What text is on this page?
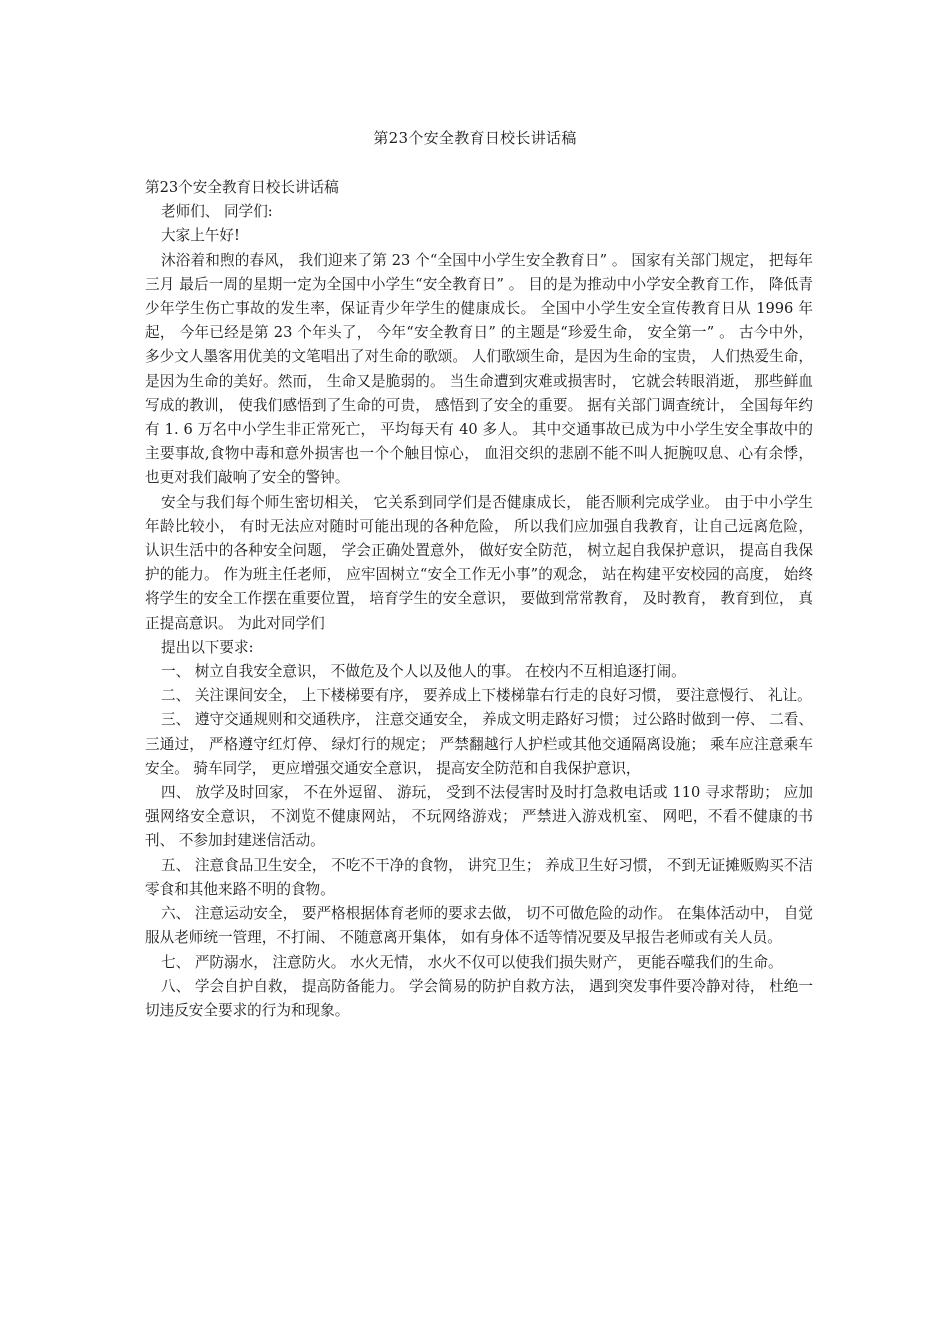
第23个安全教育日校长讲话稿

第23个安全教育日校长讲话稿

老师们、 同学们:

大家上午好!

沐浴着和煦的春风， 我们迎来了第 23 个“全国中小学生安全教育日” 。 国家有关部门规定， 把每年三月 最后一周的星期一定为全国中小学生“安全教育日” 。 目的是为推动中小学安全教育工作， 降低青少年学生伤亡事故的发生率，保证青少年学生的健康成长。 全国中小学生安全宣传教育日从 1996 年起， 今年已经是第 23 个年头了， 今年“安全教育日” 的主题是“珍爱生命， 安全第一” 。 古今中外， 多少文人墨客用优美的文笔唱出了对生命的歌颂。 人们歌颂生命，是因为生命的宝贵， 人们热爱生命， 是因为生命的美好。然而， 生命又是脆弱的。 当生命遭到灾难或损害时， 它就会转眼消逝， 那些鲜血写成的教训， 使我们感悟到了生命的可贵， 感悟到了安全的重要。 据有关部门调查统计， 全国每年约有 1. 6 万名中小学生非正常死亡， 平均每天有 40 多人。 其中交通事故已成为中小学生安全事故中的主要事故,食物中毒和意外损害也一个个触目惊心， 血泪交织的悲剧不能不叫人扼腕叹息、心有余悸， 也更对我们敲响了安全的警钟。

安全与我们每个师生密切相关， 它关系到同学们是否健康成长， 能否顺利完成学业。 由于中小学生年龄比较小， 有时无法应对随时可能出现的各种危险， 所以我们应加强自我教育，让自己远离危险， 认识生活中的各种安全问题， 学会正确处置意外， 做好安全防范， 树立起自我保护意识， 提高自我保护的能力。 作为班主任老师， 应牢固树立“安全工作无小事”的观念， 站在构建平安校园的高度， 始终将学生的安全工作摆在重要位置， 培育学生的安全意识， 要做到常常教育， 及时教育， 教育到位， 真正提高意识。 为此对同学们

提出以下要求:

一、 树立自我安全意识， 不做危及个人以及他人的事。 在校内不互相追逐打闹。

二、 关注课间安全， 上下楼梯要有序， 要养成上下楼梯靠右行走的良好习惯， 要注意慢行、 礼让。

三、 遵守交通规则和交通秩序， 注意交通安全， 养成文明走路好习惯； 过公路时做到一停、 二看、 三通过， 严格遵守红灯停、 绿灯行的规定； 严禁翻越行人护栏或其他交通隔离设施； 乘车应注意乘车安全。 骑车同学， 更应增强交通安全意识， 提高安全防范和自我保护意识，

四、 放学及时回家， 不在外逗留、 游玩， 受到不法侵害时及时打急救电话或 110 寻求帮助； 应加强网络安全意识， 不浏览不健康网站， 不玩网络游戏； 严禁进入游戏机室、 网吧，不看不健康的书刊、 不参加封建迷信活动。

五、 注意食品卫生安全， 不吃不干净的食物， 讲究卫生； 养成卫生好习惯， 不到无证摊贩购买不洁零食和其他来路不明的食物。

六、 注意运动安全， 要严格根据体育老师的要求去做， 切不可做危险的动作。 在集体活动中， 自觉服从老师统一管理，不打闹、 不随意离开集体， 如有身体不适等情况要及早报告老师或有关人员。

七、 严防溺水， 注意防火。 水火无情， 水火不仅可以使我们损失财产， 更能吞噬我们的生命。

八、 学会自护自救， 提高防备能力。 学会简易的防护自救方法， 遇到突发事件要冷静对待， 杜绝一切违反安全要求的行为和现象。
